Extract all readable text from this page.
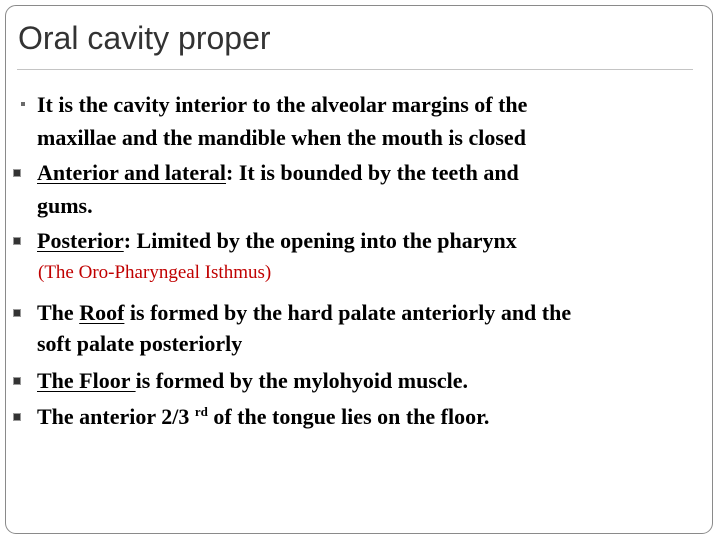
Oral cavity proper
It is the cavity interior to the alveolar margins of the
maxillae and the mandible when the mouth is closed
Anterior and lateral: It is bounded by the teeth and
gums.
Posterior: Limited by the opening into the pharynx
(The Oro-Pharyngeal Isthmus)
The Roof is formed by the hard palate anteriorly and the
soft palate posteriorly
The Floor is formed by the mylohyoid muscle.
The anterior 2/3 $^{rd}$ of the tongue lies on the floor.
